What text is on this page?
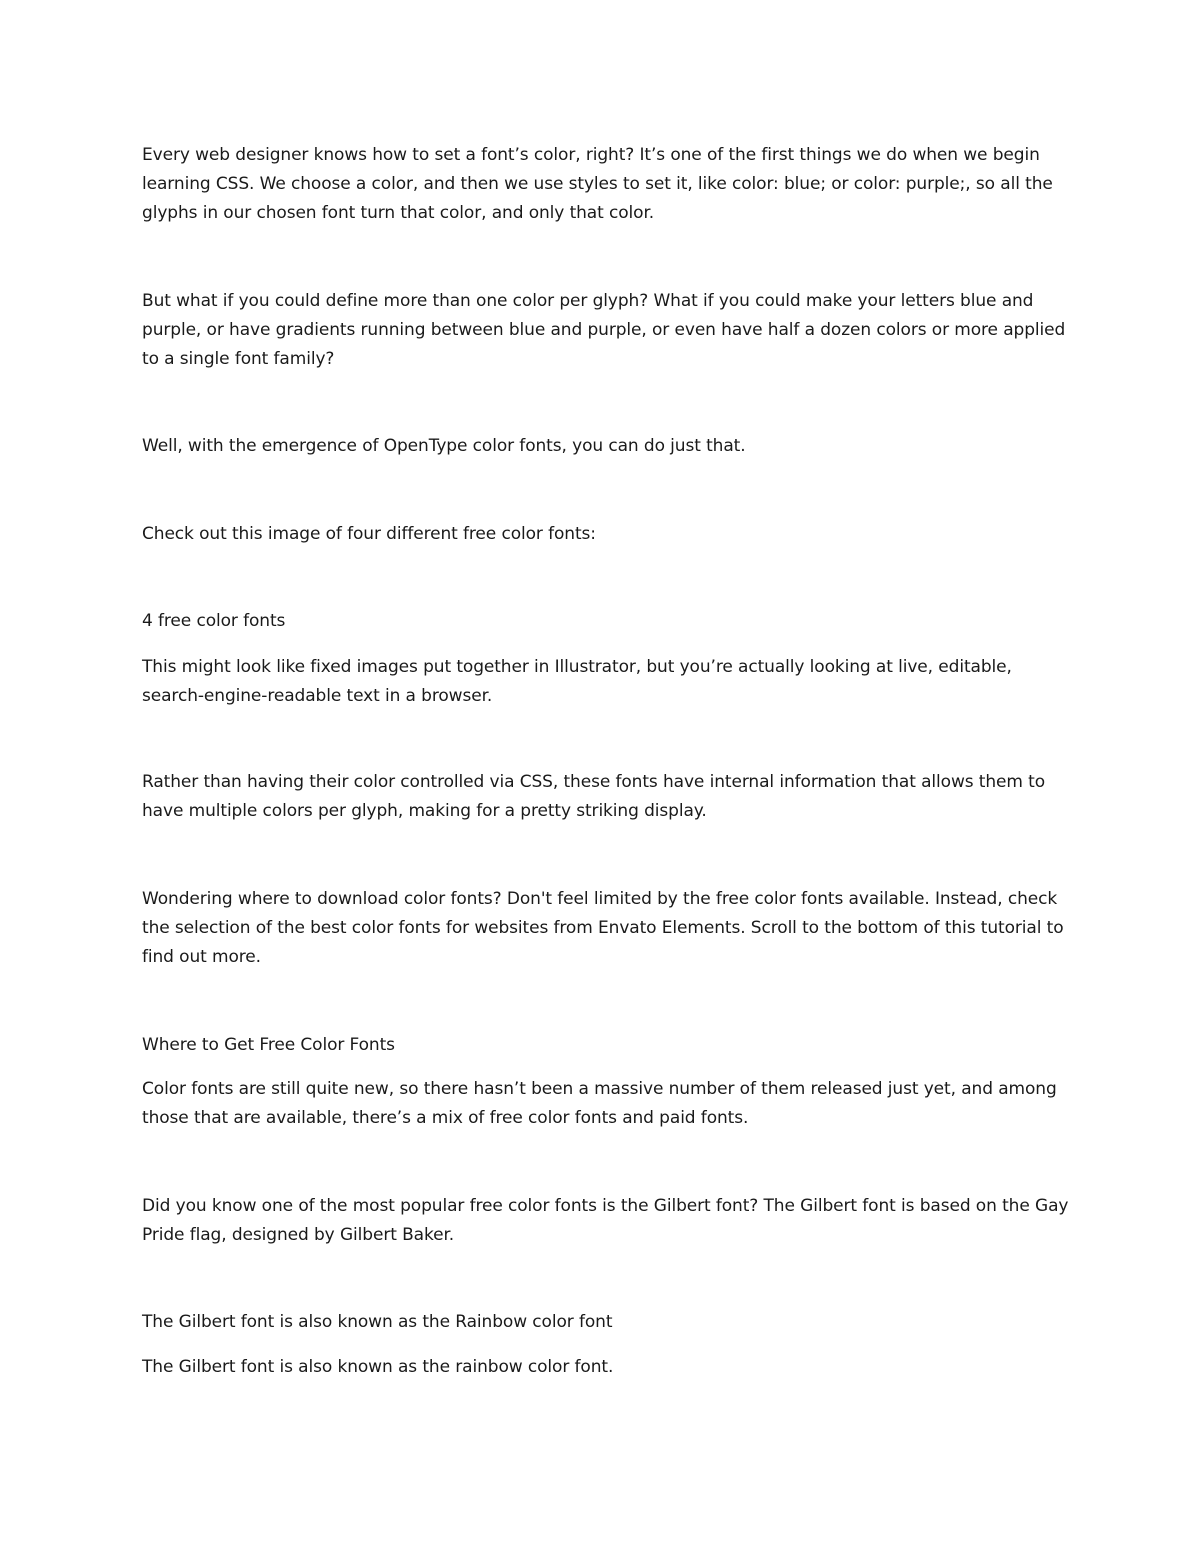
Every web designer knows how to set a font’s color, right? It’s one of the first things we do when we begin learning CSS. We choose a color, and then we use styles to set it, like color: blue; or color: purple;, so all the glyphs in our chosen font turn that color, and only that color.

But what if you could define more than one color per glyph? What if you could make your letters blue and purple, or have gradients running between blue and purple, or even have half a dozen colors or more applied to a single font family?

Well, with the emergence of OpenType color fonts, you can do just that.

Check out this image of four different free color fonts:

4 free color fonts

This might look like fixed images put together in Illustrator, but you’re actually looking at live, editable, search-engine-readable text in a browser.

Rather than having their color controlled via CSS, these fonts have internal information that allows them to have multiple colors per glyph, making for a pretty striking display.

Wondering where to download color fonts? Don't feel limited by the free color fonts available. Instead, check the selection of the best color fonts for websites from Envato Elements. Scroll to the bottom of this tutorial to find out more.

Where to Get Free Color Fonts

Color fonts are still quite new, so there hasn’t been a massive number of them released just yet, and among those that are available, there’s a mix of free color fonts and paid fonts.

Did you know one of the most popular free color fonts is the Gilbert font? The Gilbert font is based on the Gay Pride flag, designed by Gilbert Baker.

The Gilbert font is also known as the Rainbow color font

The Gilbert font is also known as the rainbow color font.
